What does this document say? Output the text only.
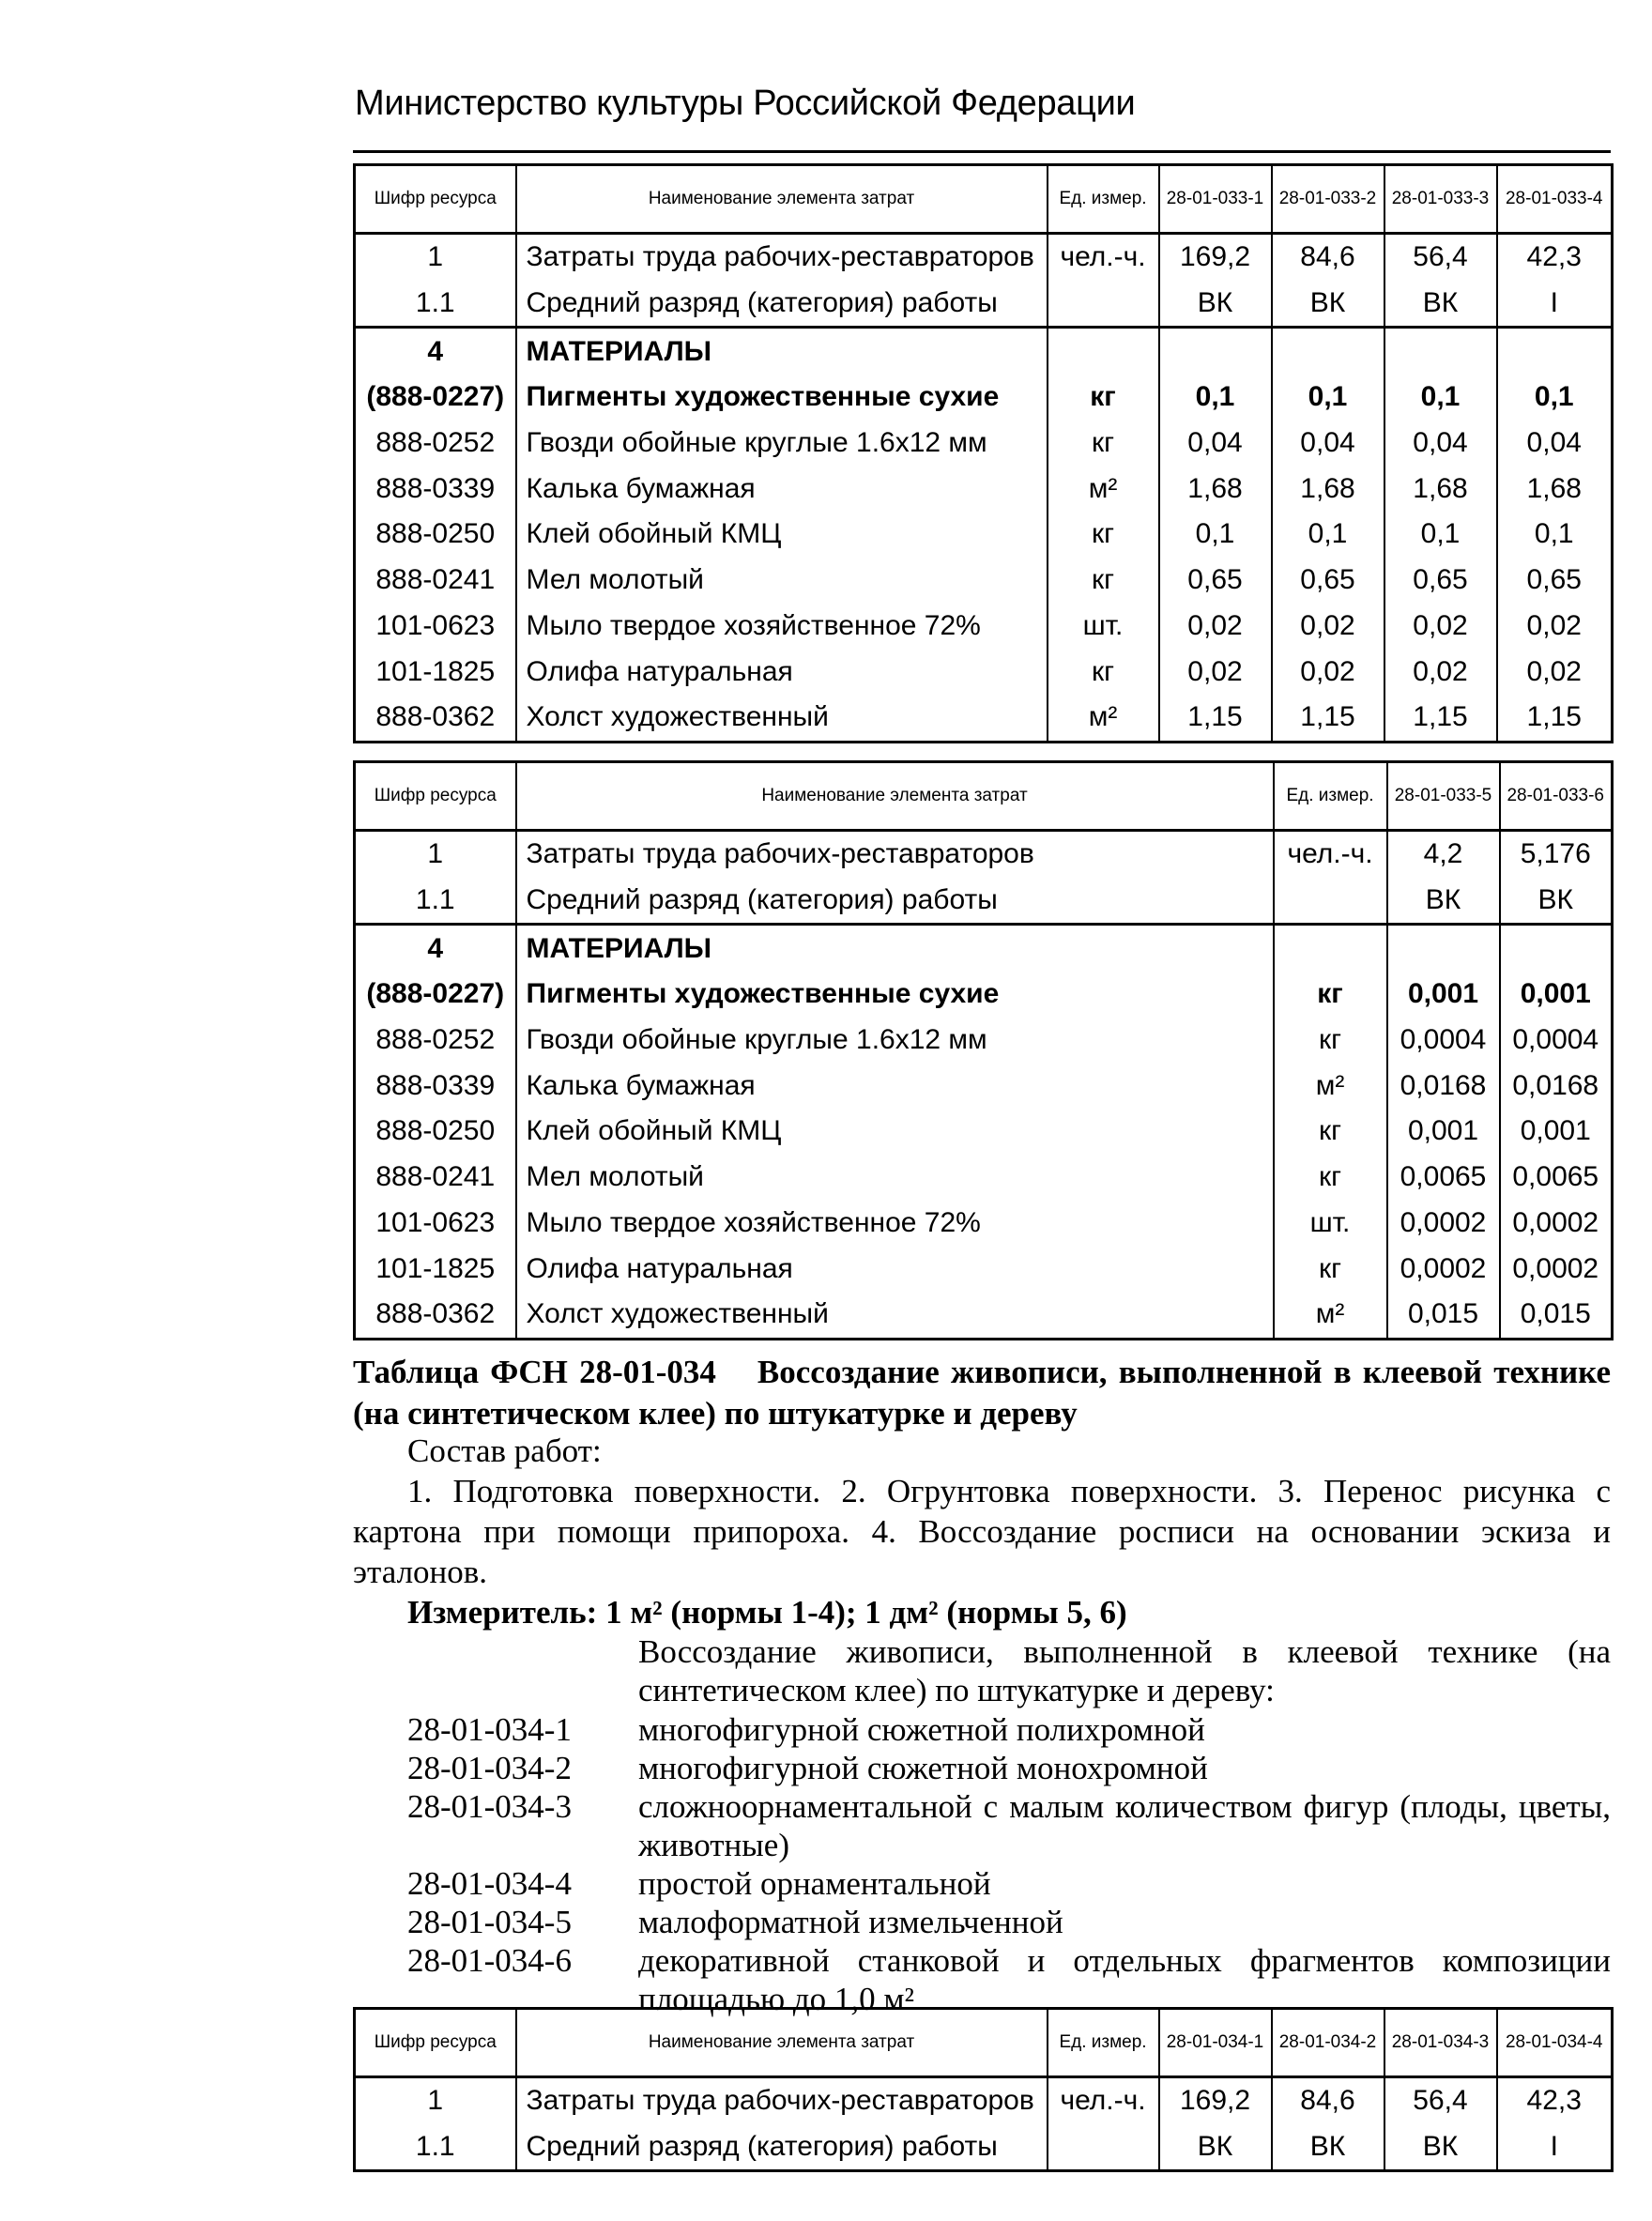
Министерство культуры Российской Федерации
Шифр ресурса	Наименование элемента затрат	Ед. измер.	28-01-033-1	28-01-033-2	28-01-033-3	28-01-033-4
1	Затраты труда рабочих-реставраторов	чел.-ч.	169,2	84,6	56,4	42,3
1.1	Средний разряд (категория) работы		ВК	ВК	ВК	I
4	МАТЕРИАЛЫ					
(888-0227)	Пигменты художественные сухие	кг	0,1	0,1	0,1	0,1
888-0252	Гвозди обойные круглые 1.6x12 мм	кг	0,04	0,04	0,04	0,04
888-0339	Калька бумажная	м²	1,68	1,68	1,68	1,68
888-0250	Клей обойный КМЦ	кг	0,1	0,1	0,1	0,1
888-0241	Мел молотый	кг	0,65	0,65	0,65	0,65
101-0623	Мыло твердое хозяйственное 72%	шт.	0,02	0,02	0,02	0,02
101-1825	Олифа натуральная	кг	0,02	0,02	0,02	0,02
888-0362	Холст художественный	м²	1,15	1,15	1,15	1,15
Шифр ресурса	Наименование элемента затрат	Ед. измер.	28-01-033-5	28-01-033-6
1	Затраты труда рабочих-реставраторов	чел.-ч.	4,2	5,176
1.1	Средний разряд (категория) работы		ВК	ВК
4	МАТЕРИАЛЫ			
(888-0227)	Пигменты художественные сухие	кг	0,001	0,001
888-0252	Гвозди обойные круглые 1.6x12 мм	кг	0,0004	0,0004
888-0339	Калька бумажная	м²	0,0168	0,0168
888-0250	Клей обойный КМЦ	кг	0,001	0,001
888-0241	Мел молотый	кг	0,0065	0,0065
101-0623	Мыло твердое хозяйственное 72%	шт.	0,0002	0,0002
101-1825	Олифа натуральная	кг	0,0002	0,0002
888-0362	Холст художественный	м²	0,015	0,015
Таблица ФСН 28-01-034 Воссоздание живописи, выполненной в клеевой технике (на синтетическом клее) по штукатурке и дереву
Состав работ:
1. Подготовка поверхности. 2. Огрунтовка поверхности. 3. Перенос рисунка с картона при помощи припороха. 4. Воссоздание росписи на основании эскиза и эталонов.
Измеритель: 1 м² (нормы 1-4); 1 дм² (нормы 5, 6)
Воссоздание живописи, выполненной в клеевой технике (на синтетическом клее) по штукатурке и дереву:
28-01-034-1	многофигурной сюжетной полихромной
28-01-034-2	многофигурной сюжетной монохромной
28-01-034-3	сложноорнаментальной с малым количеством фигур (плоды, цветы, животные)
28-01-034-4	простой орнаментальной
28-01-034-5	малоформатной измельченной
28-01-034-6	декоративной станковой и отдельных фрагментов композиции площадью до 1,0 м²
Шифр ресурса	Наименование элемента затрат	Ед. измер.	28-01-034-1	28-01-034-2	28-01-034-3	28-01-034-4
1	Затраты труда рабочих-реставраторов	чел.-ч.	169,2	84,6	56,4	42,3
1.1	Средний разряд (категория) работы		ВК	ВК	ВК	I
